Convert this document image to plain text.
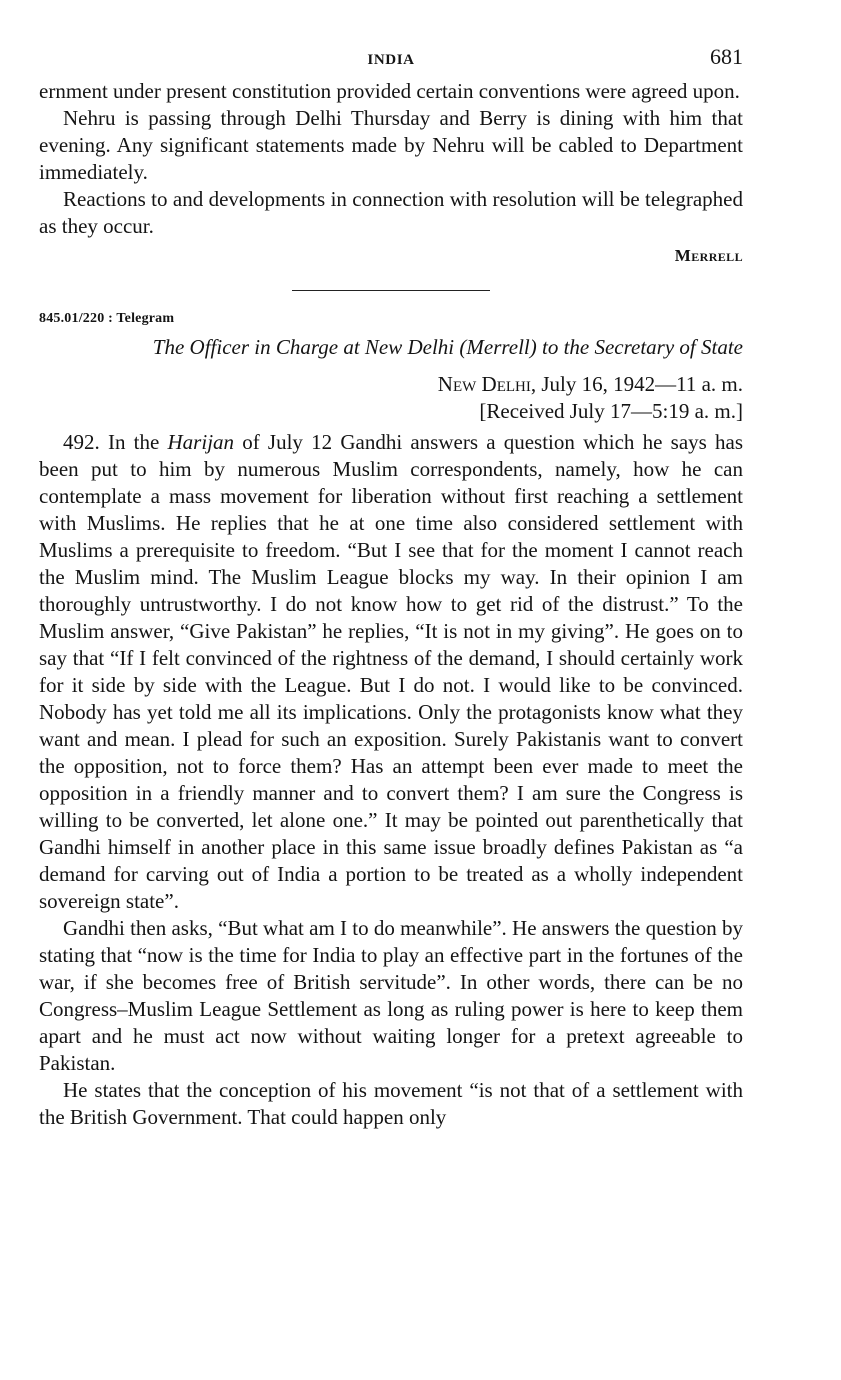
INDIA	681

ernment under present constitution provided certain conventions were agreed upon.

Nehru is passing through Delhi Thursday and Berry is dining with him that evening. Any significant statements made by Nehru will be cabled to Department immediately.

Reactions to and developments in connection with resolution will be telegraphed as they occur.

Merrell
845.01/220 : Telegram
The Officer in Charge at New Delhi (Merrell) to the Secretary of State
New Delhi, July 16, 1942—11 a. m.
[Received July 17—5:19 a. m.]

492. In the Harijan of July 12 Gandhi answers a question which he says has been put to him by numerous Muslim correspondents, namely, how he can contemplate a mass movement for liberation without first reaching a settlement with Muslims. He replies that he at one time also considered settlement with Muslims a prerequisite to freedom. “But I see that for the moment I cannot reach the Muslim mind. The Muslim League blocks my way. In their opinion I am thoroughly untrustworthy. I do not know how to get rid of the distrust.” To the Muslim answer, “Give Pakistan” he replies, “It is not in my giving”. He goes on to say that “If I felt convinced of the rightness of the demand, I should certainly work for it side by side with the League. But I do not. I would like to be convinced. Nobody has yet told me all its implications. Only the protagonists know what they want and mean. I plead for such an exposition. Surely Pakistanis want to convert the opposition, not to force them? Has an attempt been ever made to meet the opposition in a friendly manner and to convert them? I am sure the Congress is willing to be converted, let alone one.” It may be pointed out parenthetically that Gandhi himself in another place in this same issue broadly defines Pakistan as “a demand for carving out of India a portion to be treated as a wholly independent sovereign state”.

Gandhi then asks, “But what am I to do meanwhile”. He answers the question by stating that “now is the time for India to play an effective part in the fortunes of the war, if she becomes free of British servitude”. In other words, there can be no Congress–Muslim League Settlement as long as ruling power is here to keep them apart and he must act now without waiting longer for a pretext agreeable to Pakistan.

He states that the conception of his movement “is not that of a settlement with the British Government. That could happen only
